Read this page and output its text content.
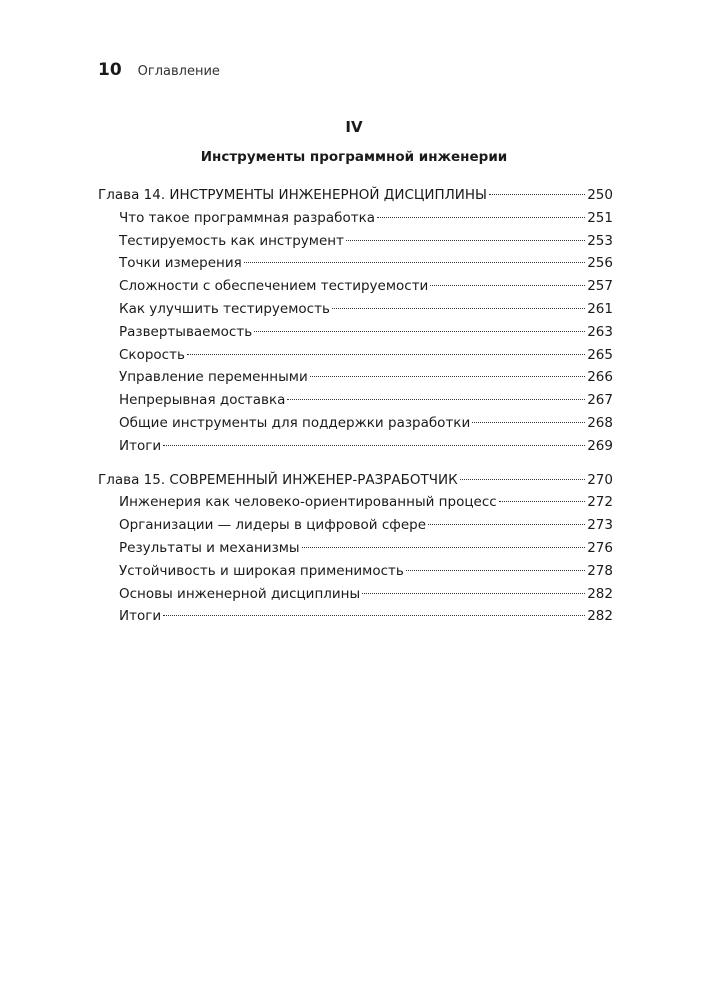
10 Оглавление
IV
Инструменты программной инженерии
Глава 14. ИНСТРУМЕНТЫ ИНЖЕНЕРНОЙ ДИСЦИПЛИНЫ	250
Что такое программная разработка	251
Тестируемость как инструмент	253
Точки измерения	256
Сложности с обеспечением тестируемости	257
Как улучшить тестируемость	261
Развертываемость	263
Скорость	265
Управление переменными	266
Непрерывная доставка	267
Общие инструменты для поддержки разработки	268
Итоги	269
Глава 15. СОВРЕМЕННЫЙ ИНЖЕНЕР-РАЗРАБОТЧИК	270
Инженерия как человеко-ориентированный процесс	272
Организации — лидеры в цифровой сфере	273
Результаты и механизмы	276
Устойчивость и широкая применимость	278
Основы инженерной дисциплины	282
Итоги	282
